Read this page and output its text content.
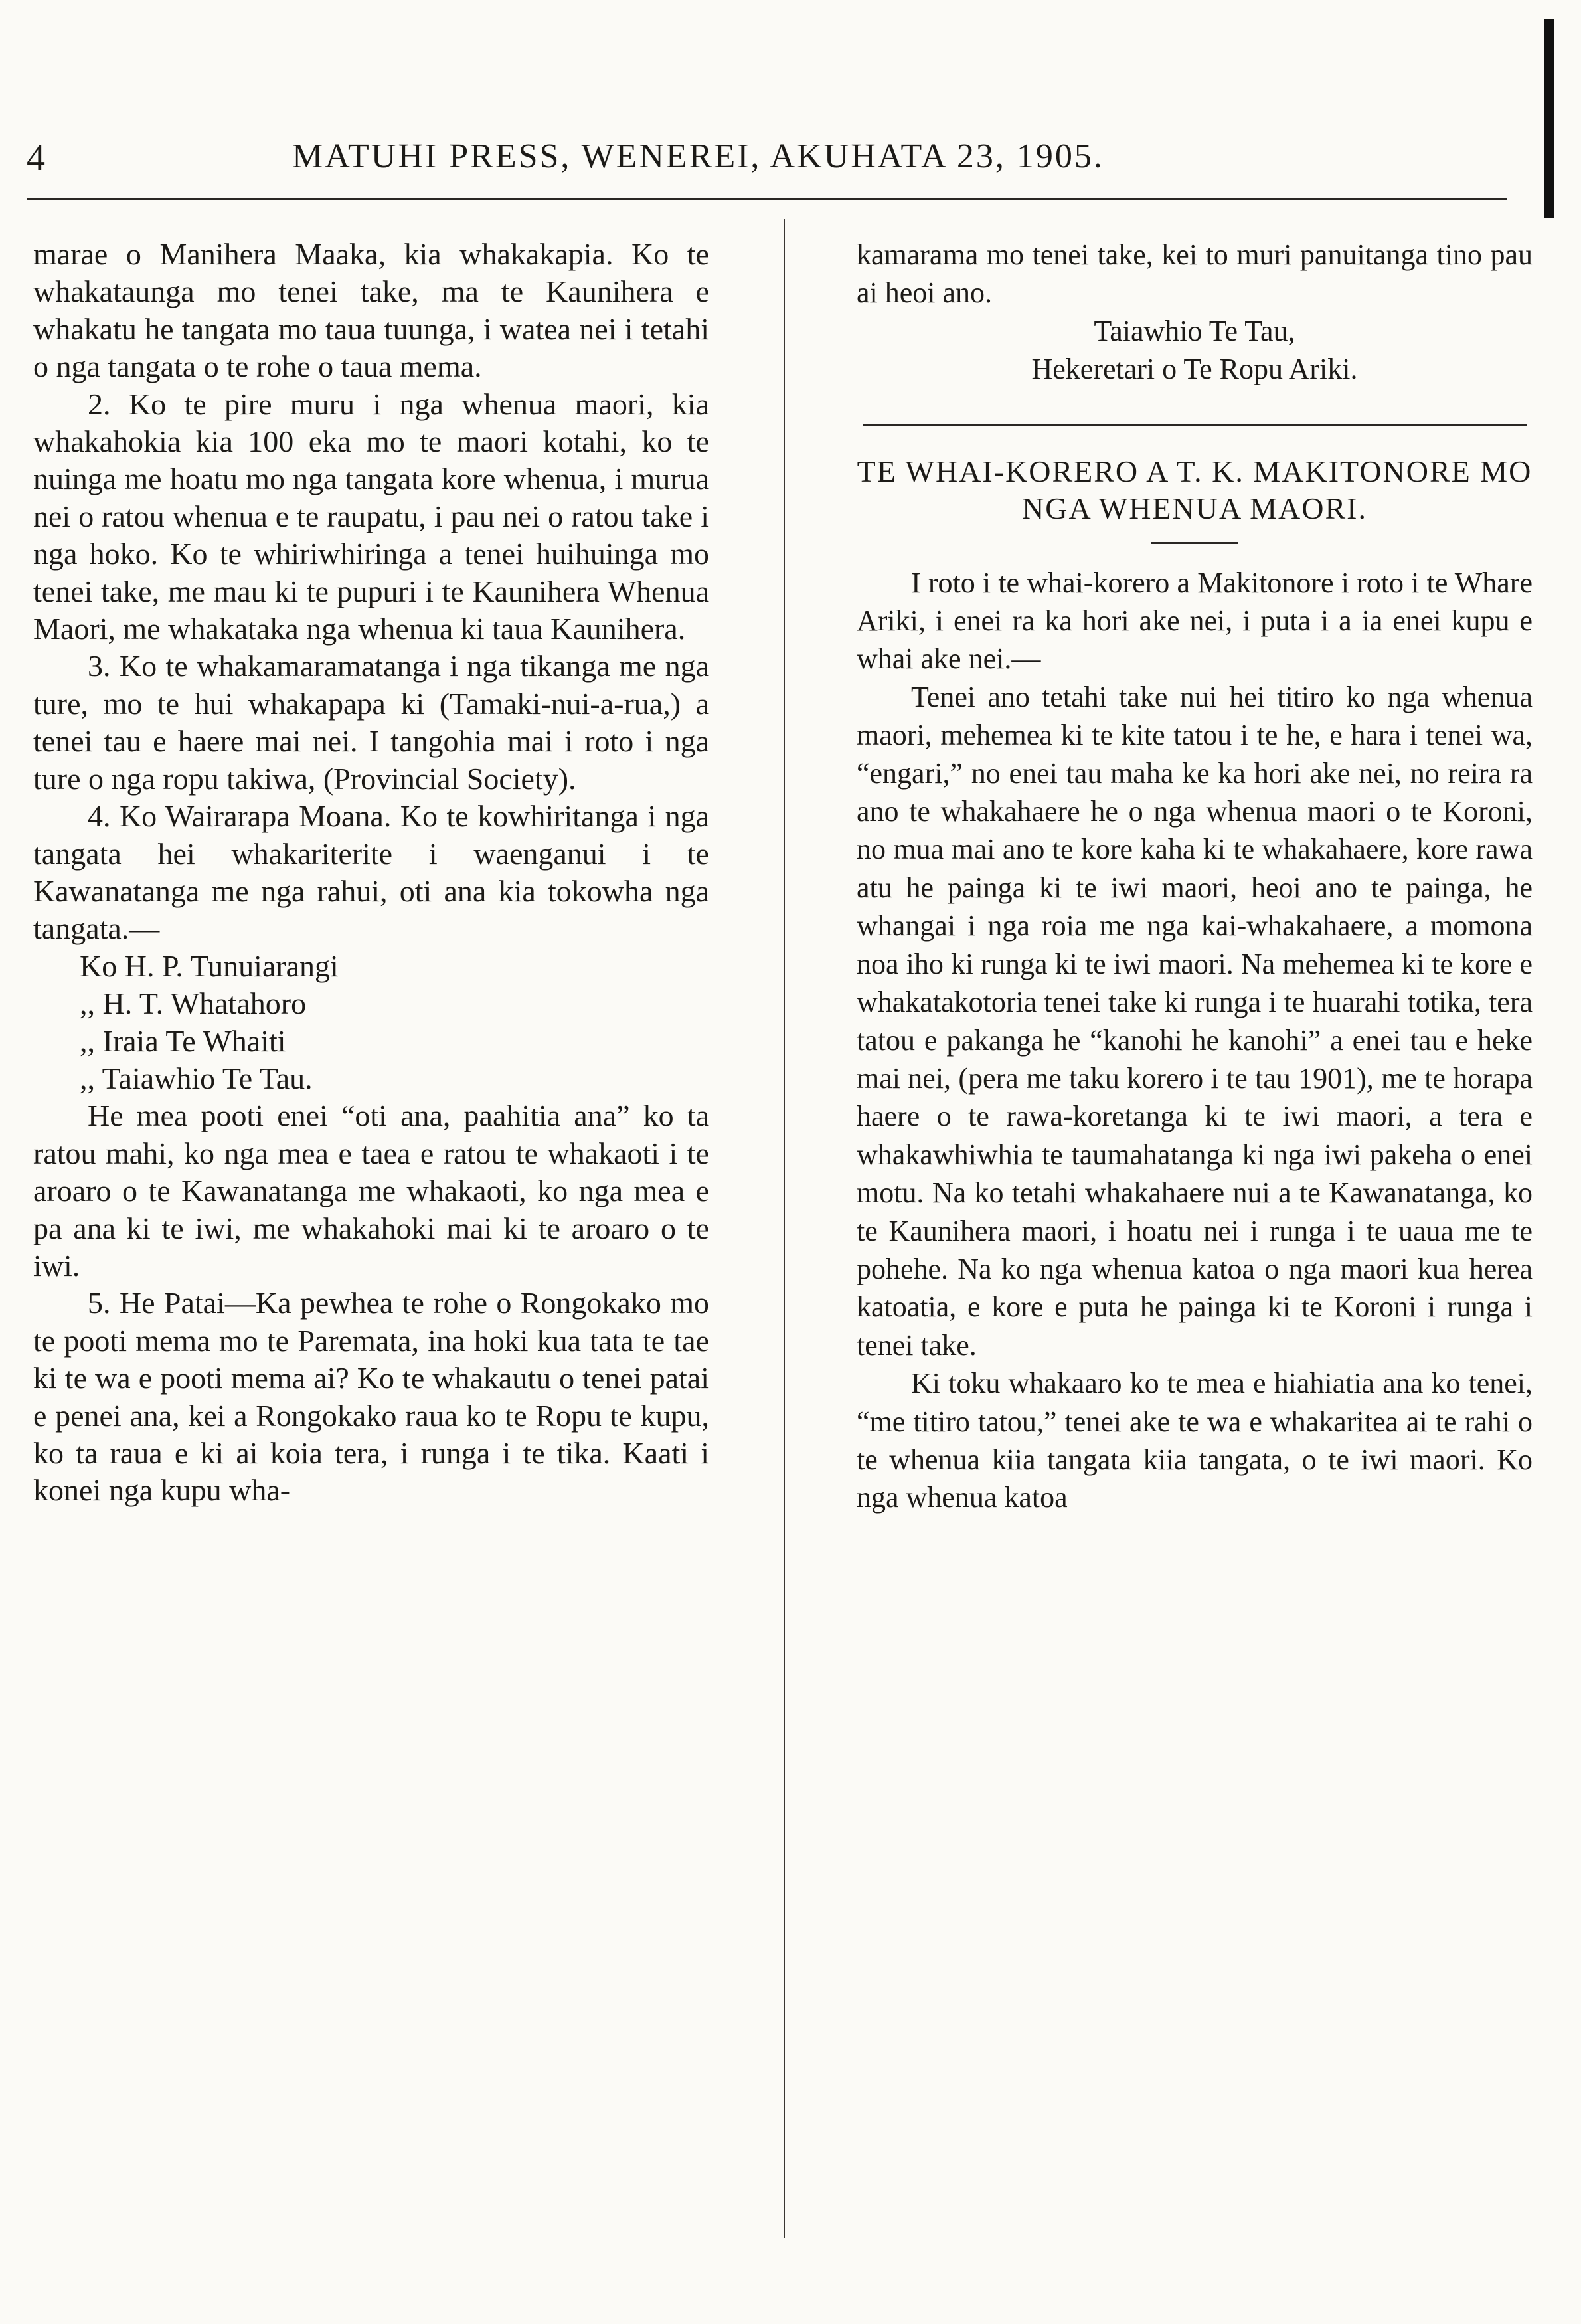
4	MATUHI PRESS, WENEREI, AKUHATA 23, 1905.

marae o Manihera Maaka, kia whakakapia. Ko te whakataunga mo tenei take, ma te Kaunihera e whakatu he tangata mo taua tuunga, i watea nei i tetahi o nga tangata o te rohe o taua mema.

2. Ko te pire muru i nga whenua maori, kia whakahokia kia 100 eka mo te maori kotahi, ko te nuinga me hoatu mo nga tangata kore whenua, i murua nei o ratou whenua e te raupatu, i pau nei o ratou take i nga hoko. Ko te whiriwhiringa a tenei huihuinga mo tenei take, me mau ki te pupuri i te Kaunihera Whenua Maori, me whakataka nga whenua ki taua Kaunihera.

3. Ko te whakamaramatanga i nga tikanga me nga ture, mo te hui whakapapa ki (Tamaki-nui-a-rua,) a tenei tau e haere mai nei. I tangohia mai i roto i nga ture o nga ropu takiwa, (Provincial Society).

4. Ko Wairarapa Moana. Ko te kowhiritanga i nga tangata hei whakariterite i waenganui i te Kawanatanga me nga rahui, oti ana kia tokowha nga tangata.—

Ko H. P. Tunuiarangi

,, H. T. Whatahoro

,, Iraia Te Whaiti

,, Taiawhio Te Tau.

He mea pooti enei “oti ana, paahitia ana” ko ta ratou mahi, ko nga mea e taea e ratou te whakaoti i te aroaro o te Kawanatanga me whakaoti, ko nga mea e pa ana ki te iwi, me whakahoki mai ki te aroaro o te iwi.

5. He Patai—Ka pewhea te rohe o Rongokako mo te pooti mema mo te Paremata, ina hoki kua tata te tae ki te wa e pooti mema ai? Ko te whakautu o tenei patai e penei ana, kei a Rongokako raua ko te Ropu te kupu, ko ta raua e ki ai koia tera, i runga i te tika. Kaati i konei nga kupu wha-

kamarama mo tenei take, kei to muri panuitanga tino pau ai heoi ano.

Taiawhio Te Tau,

Hekeretari o Te Ropu Ariki.

TE WHAI-KORERO A T. K. MAKITONORE MO NGA WHENUA MAORI.

I roto i te whai-korero a Makitonore i roto i te Whare Ariki, i enei ra ka hori ake nei, i puta i a ia enei kupu e whai ake nei.—

Tenei ano tetahi take nui hei titiro ko nga whenua maori, mehemea ki te kite tatou i te he, e hara i tenei wa, “engari,” no enei tau maha ke ka hori ake nei, no reira ra ano te whakahaere he o nga whenua maori o te Koroni, no mua mai ano te kore kaha ki te whakahaere, kore rawa atu he painga ki te iwi maori, heoi ano te painga, he whangai i nga roia me nga kai-whakahaere, a momona noa iho ki runga ki te iwi maori. Na mehemea ki te kore e whakatakotoria tenei take ki runga i te huarahi totika, tera tatou e pakanga he “kanohi he kanohi” a enei tau e heke mai nei, (pera me taku korero i te tau 1901), me te horapa haere o te rawa-koretanga ki te iwi maori, a tera e whakawhiwhia te taumahatanga ki nga iwi pakeha o enei motu. Na ko tetahi whakahaere nui a te Kawanatanga, ko te Kaunihera maori, i hoatu nei i runga i te uaua me te pohehe. Na ko nga whenua katoa o nga maori kua herea katoatia, e kore e puta he painga ki te Koroni i runga i tenei take.

Ki toku whakaaro ko te mea e hiahiatia ana ko tenei, “me titiro tatou,” tenei ake te wa e whakaritea ai te rahi o te whenua kiia tangata kiia tangata, o te iwi maori. Ko nga whenua katoa
